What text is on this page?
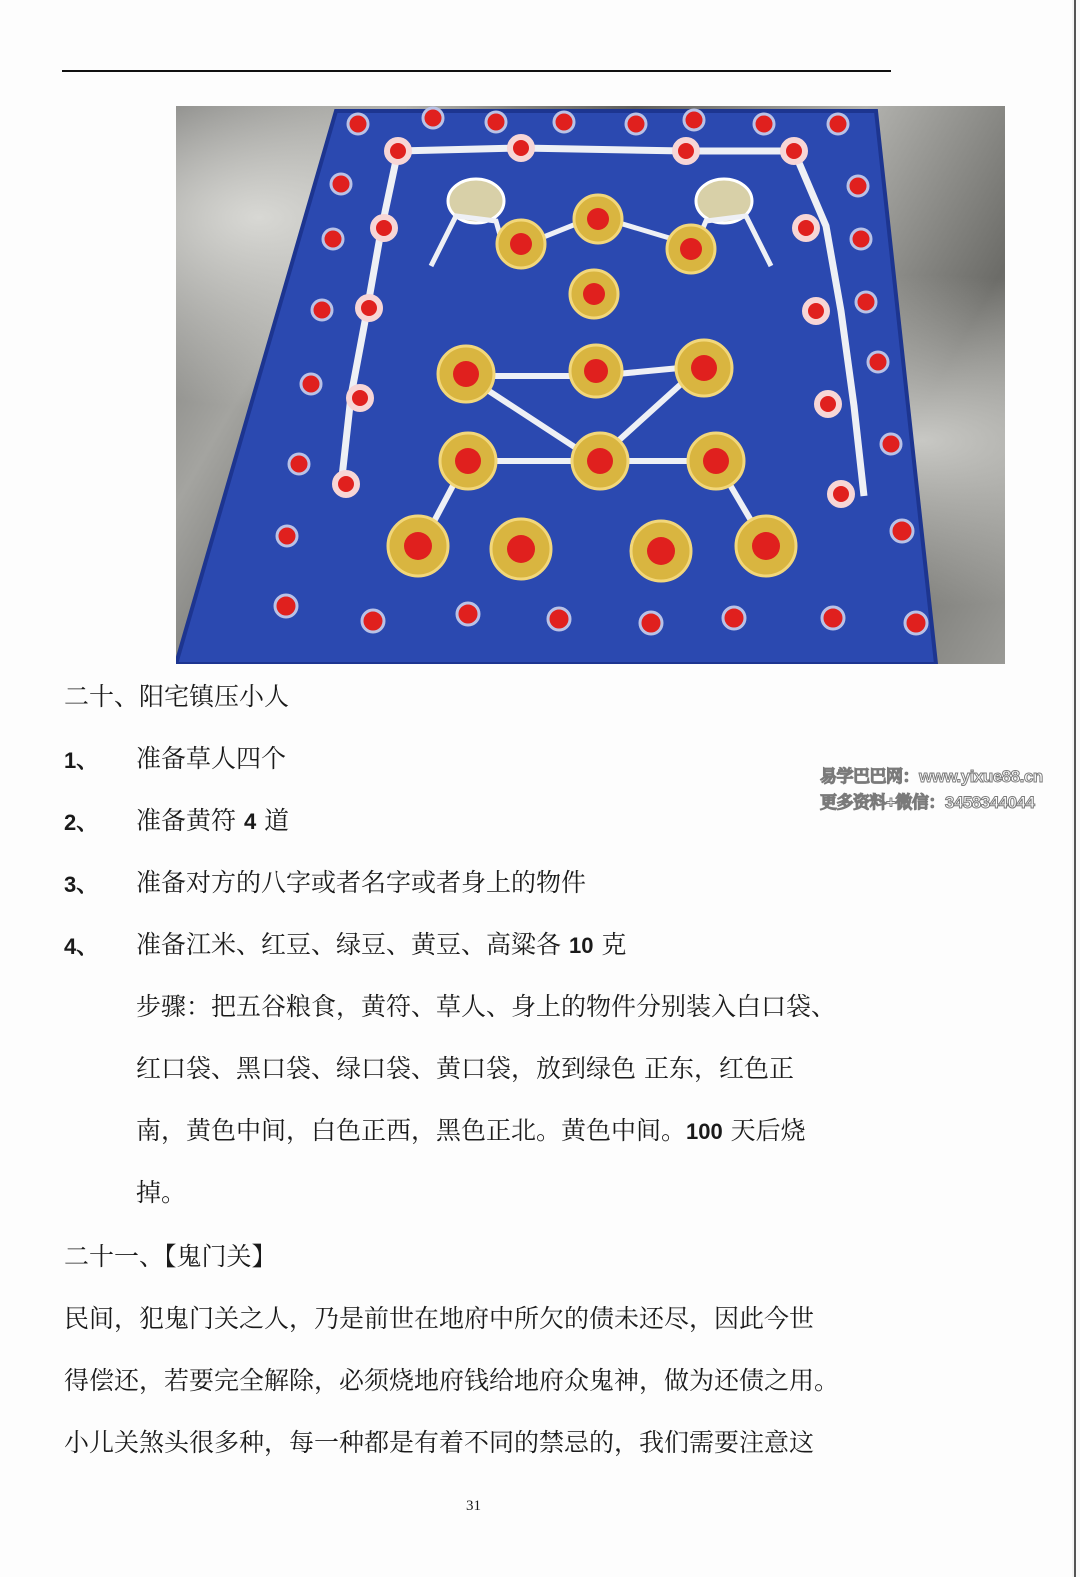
二十、阳宅镇压小人
1、 准备草人四个
2、 准备黄符 4 道
3、 准备对方的八字或者名字或者身上的物件
4、 准备江米、红豆、绿豆、黄豆、高粱各 10 克
步骤：把五谷粮食，黄符、草人、身上的物件分别装入白口袋、
红口袋、黑口袋、绿口袋、黄口袋，放到绿色 正东，红色正
南，黄色中间，白色正西，黑色正北。黄色中间。100 天后烧
掉。
二十一、【鬼门关】
民间，犯鬼门关之人，乃是前世在地府中所欠的债未还尽，因此今世
得偿还，若要完全解除，必须烧地府钱给地府众鬼神，做为还债之用。
小儿关煞头很多种，每一种都是有着不同的禁忌的，我们需要注意这
易学巴巴网：www.yixue88.cn
更多资料+微信：3458344044
31
